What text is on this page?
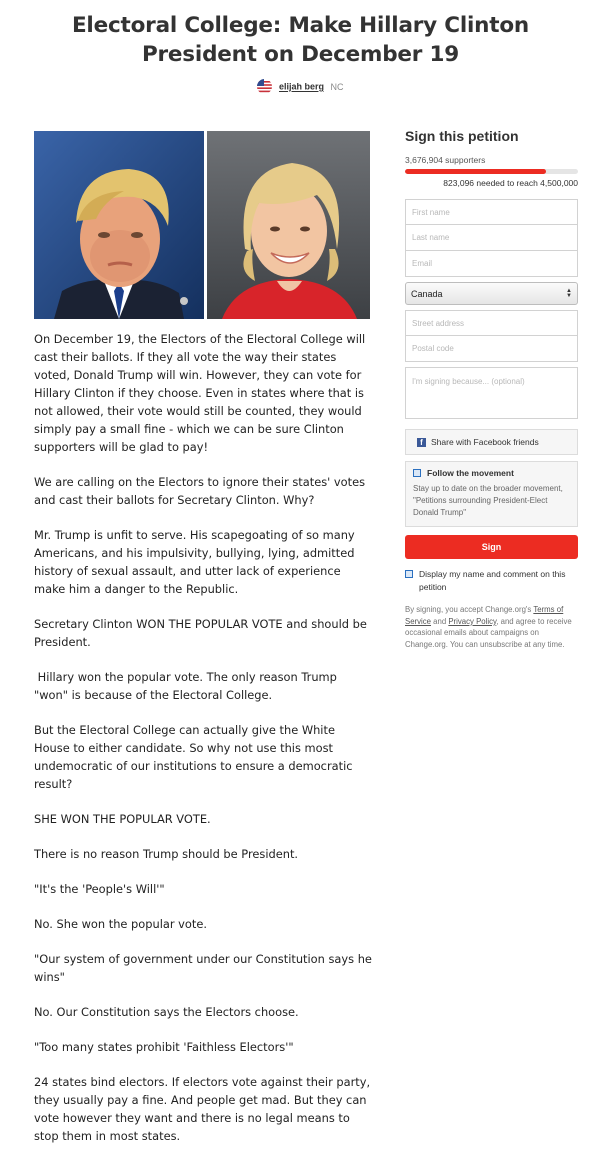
Electoral College: Make Hillary Clinton President on December 19
elijah berg NC

On December 19, the Electors of the Electoral College will cast their ballots. If they all vote the way their states voted, Donald Trump will win. However, they can vote for Hillary Clinton if they choose. Even in states where that is not allowed, their vote would still be counted, they would simply pay a small fine - which we can be sure Clinton supporters will be glad to pay!

We are calling on the Electors to ignore their states' votes and cast their ballots for Secretary Clinton. Why?

Mr. Trump is unfit to serve. His scapegoating of so many Americans, and his impulsivity, bullying, lying, admitted history of sexual assault, and utter lack of experience make him a danger to the Republic.

Secretary Clinton WON THE POPULAR VOTE and should be President.

Hillary won the popular vote. The only reason Trump "won" is because of the Electoral College.

But the Electoral College can actually give the White House to either candidate. So why not use this most undemocratic of our institutions to ensure a democratic result?

SHE WON THE POPULAR VOTE.

There is no reason Trump should be President.

"It's the 'People's Will'"

No. She won the popular vote.

"Our system of government under our Constitution says he wins"

No. Our Constitution says the Electors choose.

"Too many states prohibit 'Faithless Electors'"

24 states bind electors. If electors vote against their party, they usually pay a fine. And people get mad. But they can vote however they want and there is no legal means to stop them in most states.

Sign this petition
3,676,904 supporters
823,096 needed to reach 4,500,000
First name
Last name
Email
Canada	▲
▼
Street address
Postal code
I'm signing because... (optional)
f Share with Facebook friends
Follow the movement
Stay up to date on the broader movement, "Petitions surrounding President-Elect Donald Trump"
Sign
Display my name and comment on this petition
By signing, you accept Change.org's Terms of Service and Privacy Policy, and agree to receive occasional emails about campaigns on Change.org. You can unsubscribe at any time.
